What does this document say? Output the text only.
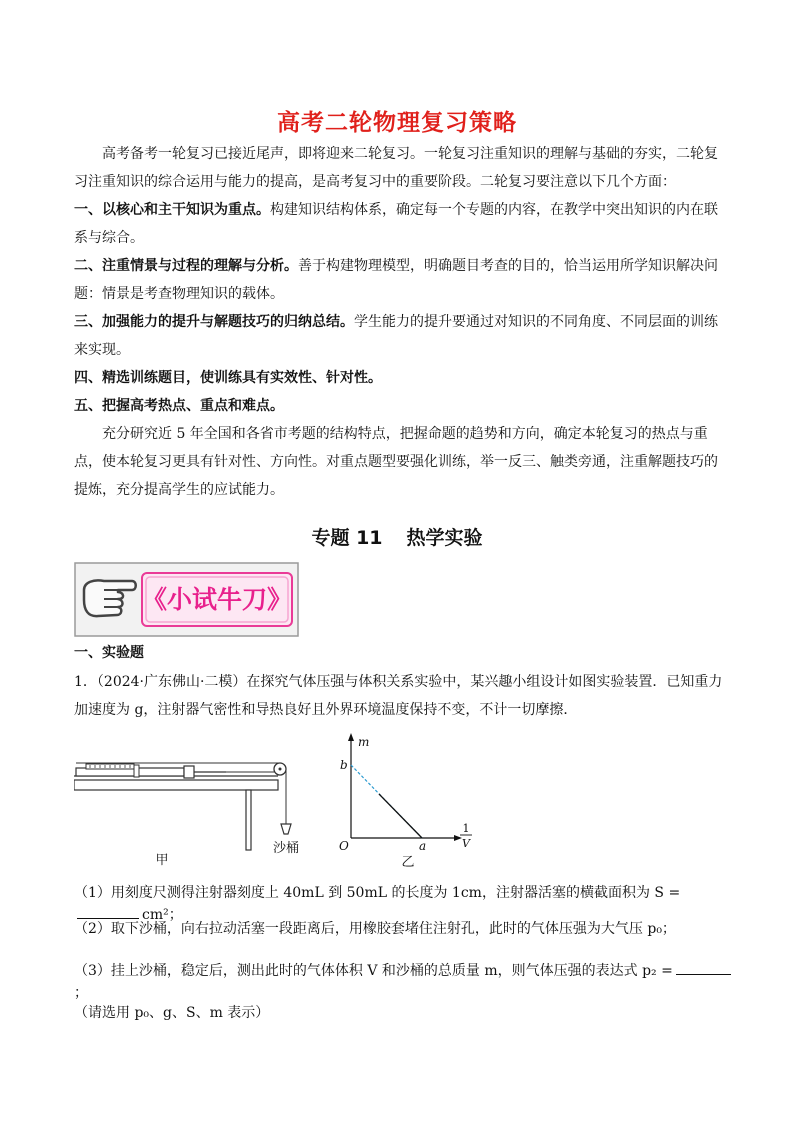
高考二轮物理复习策略

高考备考一轮复习已接近尾声，即将迎来二轮复习。一轮复习注重知识的理解与基础的夯实，二轮复习注重知识的综合运用与能力的提高，是高考复习中的重要阶段。二轮复习要注意以下几个方面：

一、以核心和主干知识为重点。构建知识结构体系，确定每一个专题的内容，在教学中突出知识的内在联系与综合。

二、注重情景与过程的理解与分析。善于构建物理模型，明确题目考查的目的，恰当运用所学知识解决问题：情景是考查物理知识的载体。

三、加强能力的提升与解题技巧的归纳总结。学生能力的提升要通过对知识的不同角度、不同层面的训练来实现。

四、精选训练题目，使训练具有实效性、针对性。

五、把握高考热点、重点和难点。

充分研究近 5 年全国和各省市考题的结构特点，把握命题的趋势和方向，确定本轮复习的热点与重点，使本轮复习更具有针对性、方向性。对重点题型要强化训练，举一反三、触类旁通，注重解题技巧的提炼，充分提高学生的应试能力。

专题 11 热学实验
《小试牛刀》
一、实验题

1．（2024·广东佛山·二模）在探究气体压强与体积关系实验中，某兴趣小组设计如图实验装置．已知重力加速度为 g，注射器气密性和导热良好且外界环境温度保持不变，不计一切摩擦．

甲
沙桶
m
b
O	a
1
V
乙
（1）用刻度尺测得注射器刻度上 40mL 到 50mL 的长度为 1cm，注射器活塞的横截面积为 S =cm²；
（2）取下沙桶，向右拉动活塞一段距离后，用橡胶套堵住注射孔，此时的气体压强为大气压 p₀；
（3）挂上沙桶，稳定后，测出此时的气体体积 V 和沙桶的总质量 m，则气体压强的表达式 p₂ =；
（请选用 p₀、g、S、m 表示）
